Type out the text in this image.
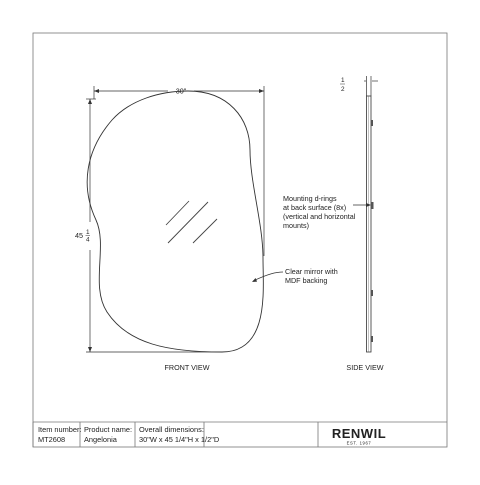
30"
45 1
4
FRONT VIEW
1
2
SIDE VIEW
Mounting d-rings
at back surface (8x)
(vertical and horizontal
mounts)
Clear mirror with
MDF backing
Item number:
MT2608
Product name:
Angelonia
Overall dimensions:
30"W x 45 1/4"H x 1/2"D	RENWIL
EST. 1967
